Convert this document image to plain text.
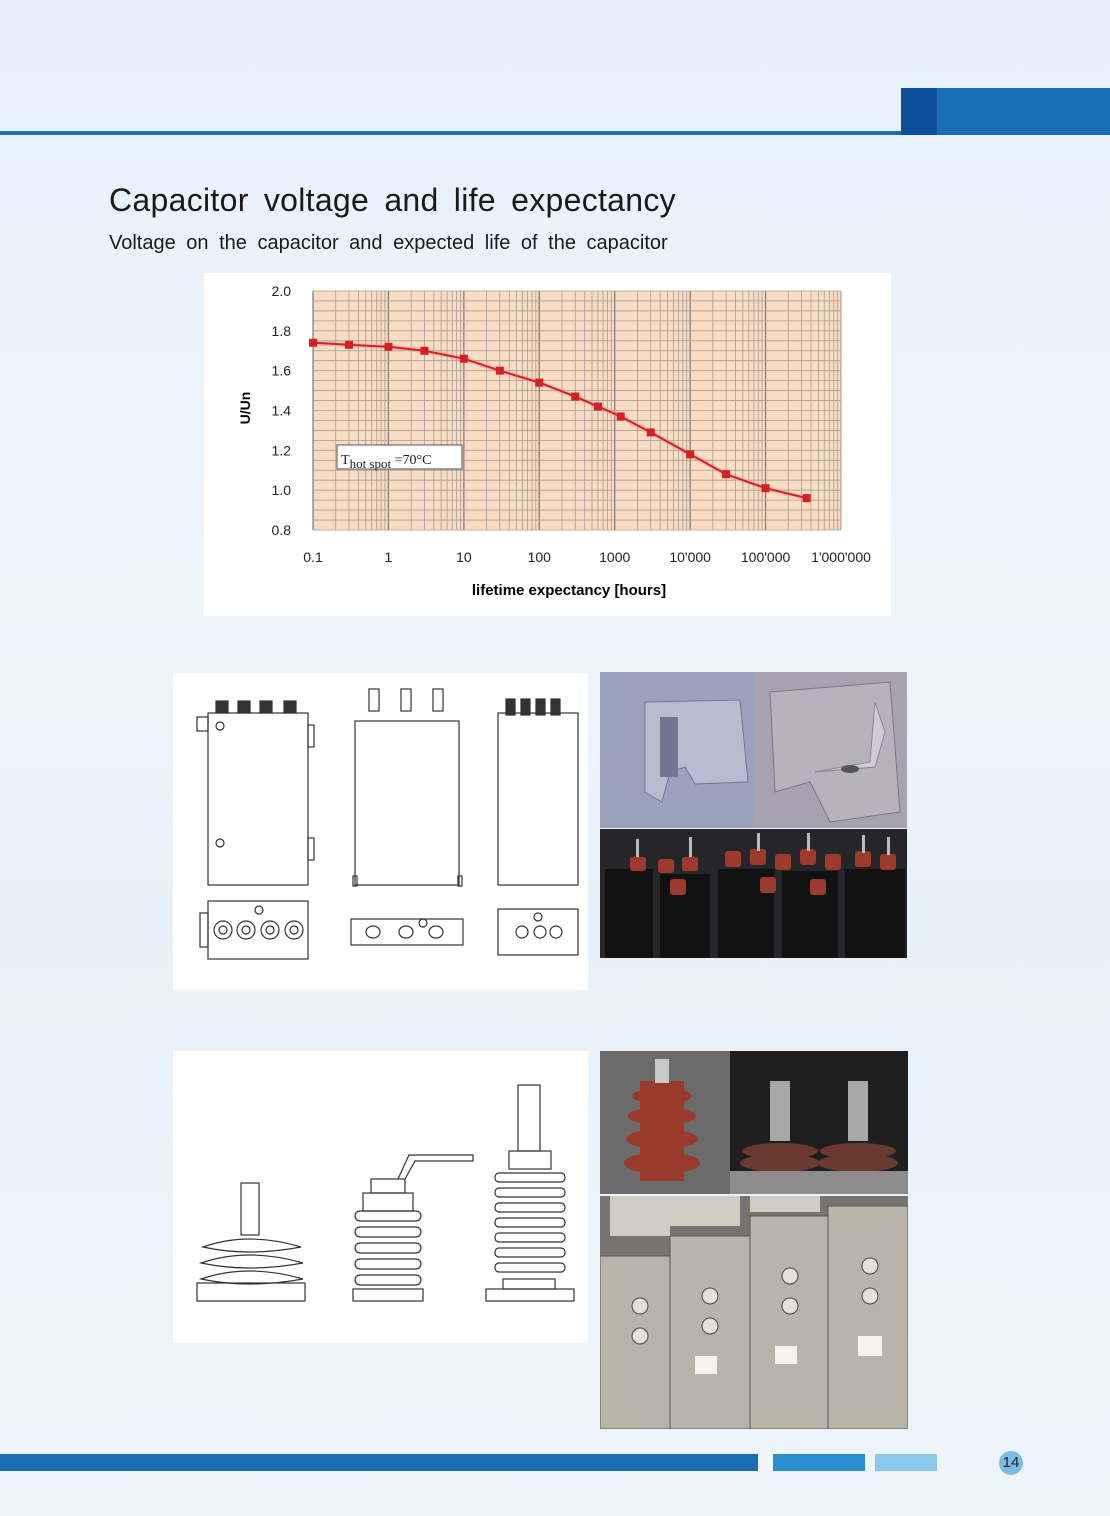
Capacitor voltage and life expectancy

Voltage on the capacitor and expected life of the capacitor

0.1	1	10	100	1000	10'000 100'000 1'000'000
2.0
1.8
1.6
1.4
1.2
1.0
0.8
U/Un
lifetime expectancy [hours]
Thot spot =70°C
14
